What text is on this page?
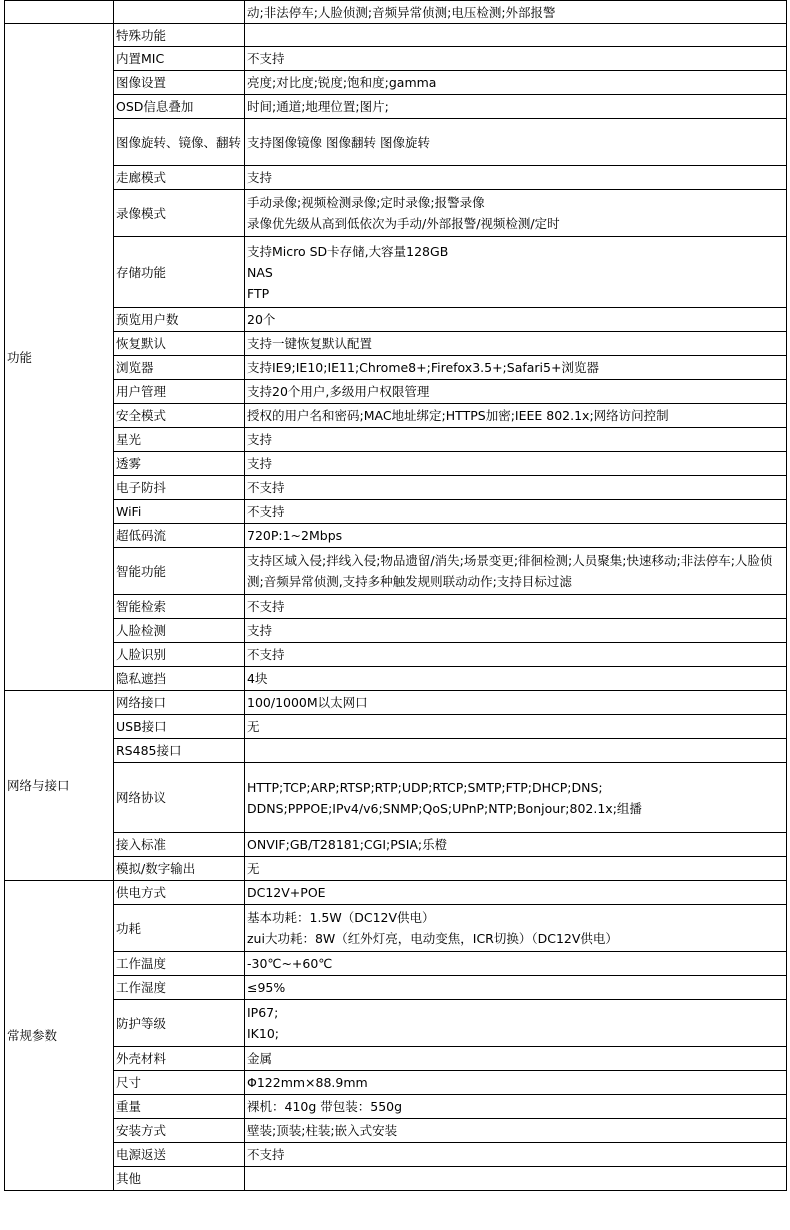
		动;非法停车;人脸侦测;音频异常侦测;电压检测;外部报警
功能	特殊功能	
	内置MIC	不支持

	图像设置	亮度;对比度;锐度;饱和度;gamma

	OSD信息叠加	时间;通道;地理位置;图片;

	图像旋转、镜像、翻转	支持图像镜像 图像翻转 图像旋转

	走廊模式	支持

	录像模式	手动录像;视频检测录像;定时录像;报警录像
录像优先级从高到低依次为手动/外部报警/视频检测/定时

	存储功能	支持Micro SD卡存储,大容量128GB
NAS
FTP

	预览用户数	20个

	恢复默认	支持一键恢复默认配置

	浏览器	支持IE9;IE10;IE11;Chrome8+;Firefox3.5+;Safari5+浏览器

	用户管理	支持20个用户,多级用户权限管理

	安全模式	授权的用户名和密码;MAC地址绑定;HTTPS加密;IEEE 802.1x;网络访问控制

	星光	支持

	透雾	支持

	电子防抖	不支持

	WiFi	不支持

	超低码流	720P:1~2Mbps

	智能功能	支持区域入侵;拌线入侵;物品遗留/消失;场景变更;徘徊检测;人员聚集;快速移动;非法停车;人脸侦测;音频异常侦测,支持多种触发规则联动动作;支持目标过滤

	智能检索	不支持

	人脸检测	支持

	人脸识别	不支持

	隐私遮挡	4块

网络与接口	网络接口	100/1000M以太网口

	USB接口	无

	RS485接口	
	网络协议	HTTP;TCP;ARP;RTSP;RTP;UDP;RTCP;SMTP;FTP;DHCP;DNS;
DDNS;PPPOE;IPv4/v6;SNMP;QoS;UPnP;NTP;Bonjour;802.1x;组播

	接入标准	ONVIF;GB/T28181;CGI;PSIA;乐橙

	模拟/数字输出	无

常规参数	供电方式	DC12V+POE

	功耗	基本功耗：1.5W（DC12V供电）
zui大功耗：8W（红外灯亮，电动变焦，ICR切换）（DC12V供电）

	工作温度	-30℃~+60℃

	工作湿度	≤95%

	防护等级	IP67;
IK10;

	外壳材料	金属

	尺寸	Φ122mm×88.9mm

	重量	裸机：410g 带包装：550g

	安装方式	壁装;顶装;柱装;嵌入式安装

	电源返送	不支持

	其他	
